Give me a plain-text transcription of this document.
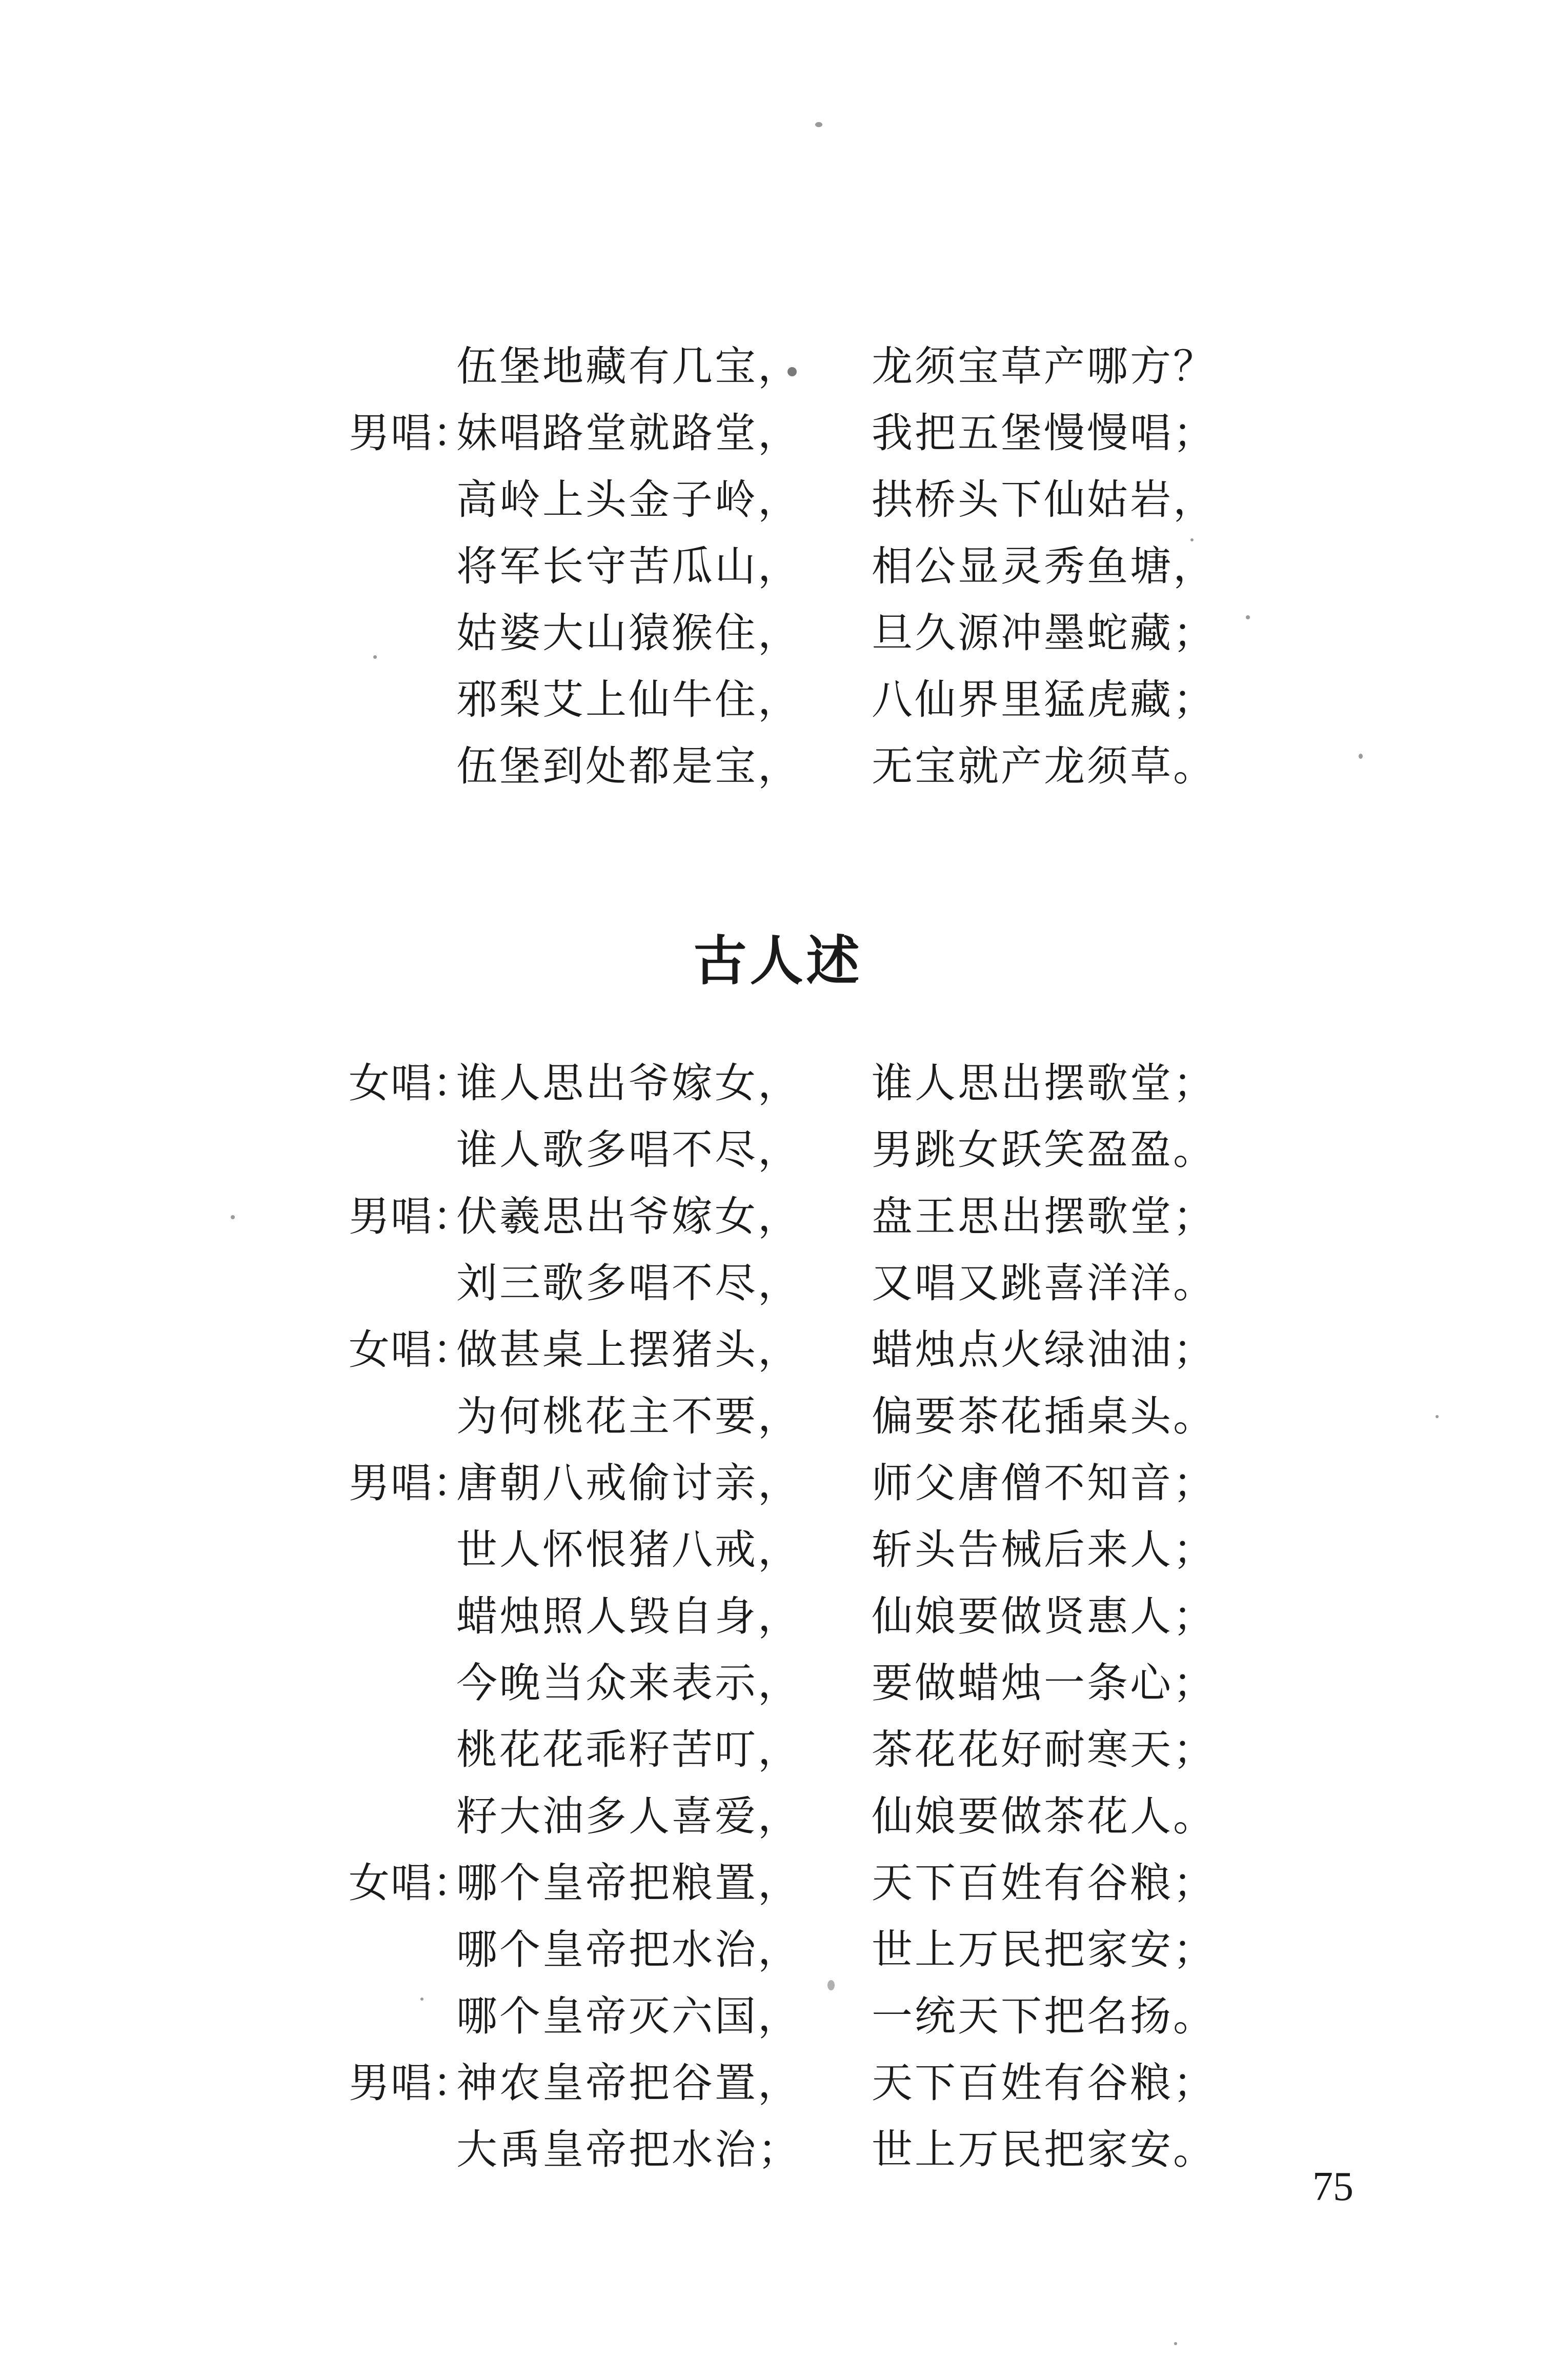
伍堡地藏有几宝， 龙须宝草产哪方？
男唱：
妹唱路堂就路堂， 我把五堡慢慢唱；
高岭上头金子岭， 拱桥头下仙姑岩，
将军长守苦瓜山， 相公显灵秀鱼塘，
姑婆大山猿猴住， 旦久源冲墨蛇藏；
邪梨艾上仙牛住， 八仙界里猛虎藏；
伍堡到处都是宝， 无宝就产龙须草。
古人述
女唱：
谁人思出爷嫁女， 谁人思出摆歌堂；
谁人歌多唱不尽， 男跳女跃笑盈盈。
男唱：
伏羲思出爷嫁女， 盘王思出摆歌堂；
刘三歌多唱不尽， 又唱又跳喜洋洋。
女唱：
做甚桌上摆猪头， 蜡烛点火绿油油；
为何桃花主不要， 偏要茶花插桌头。
男唱：
唐朝八戒偷讨亲， 师父唐僧不知音；
世人怀恨猪八戒， 斩头告械后来人；
蜡烛照人毁自身， 仙娘要做贤惠人；
今晚当众来表示， 要做蜡烛一条心；
桃花花乖籽苦叮， 茶花花好耐寒天；
籽大油多人喜爱， 仙娘要做茶花人。
女唱：
哪个皇帝把粮置， 天下百姓有谷粮；
哪个皇帝把水治， 世上万民把家安；
哪个皇帝灭六国， 一统天下把名扬。
男唱：
神农皇帝把谷置， 天下百姓有谷粮；
大禹皇帝把水治； 世上万民把家安。
75
